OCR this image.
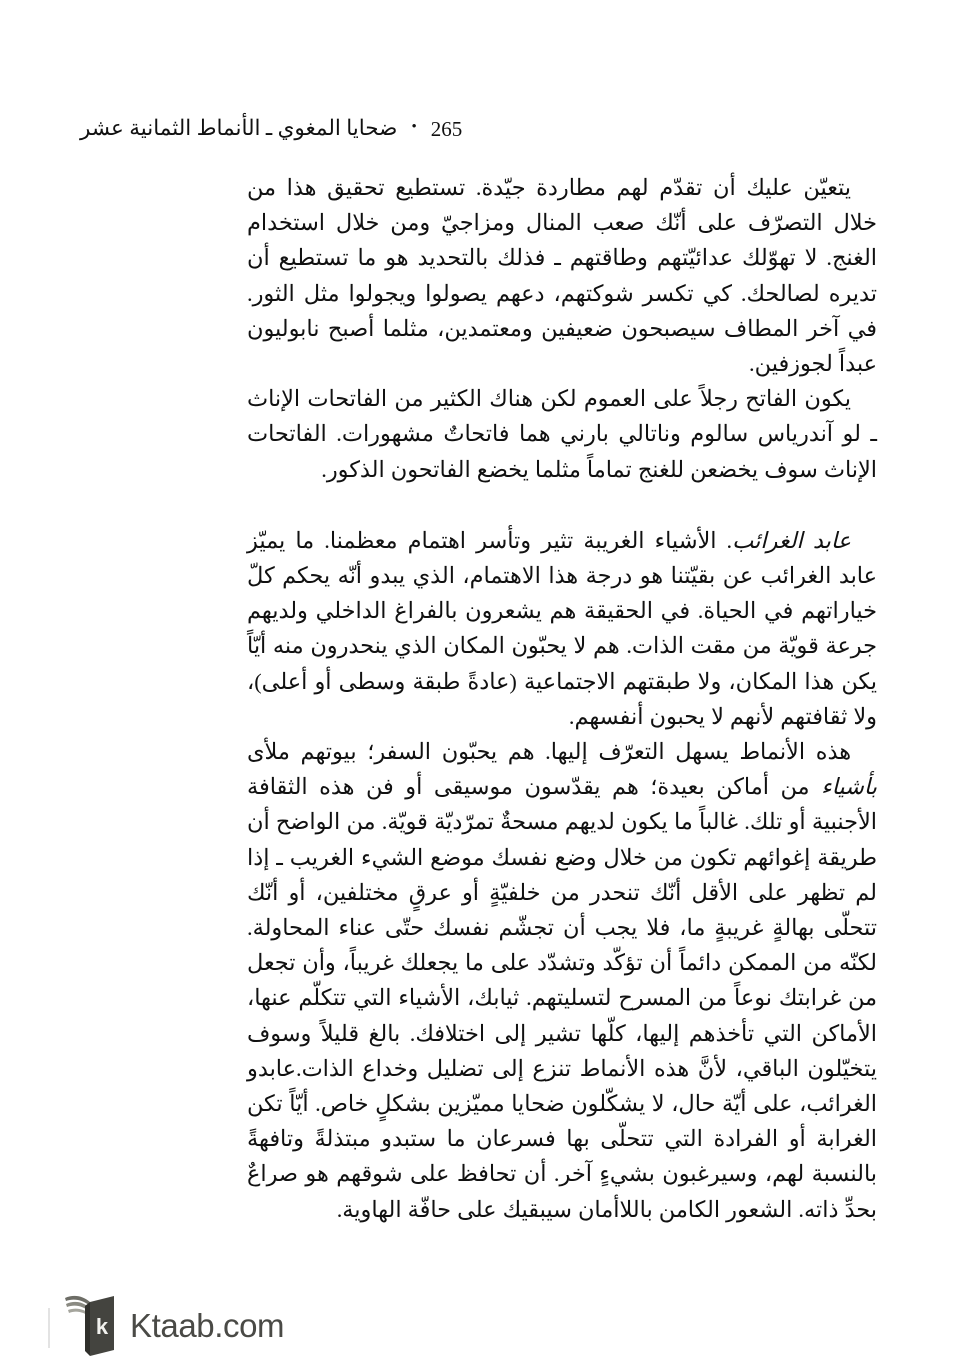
ضحايا المغوي ـ الأنماط الثمانية عشر • 265

يتعيّن عليك أن تقدّم لهم مطاردة جيّدة. تستطيع تحقيق هذا من خلال التصرّف على أنّك صعب المنال ومزاجيّ ومن خلال استخدام الغنج. لا تهوّلك عدائيّتهم وطاقتهم ـ فذلك بالتحديد هو ما تستطيع أن تديره لصالحك. كي تكسر شوكتهم، دعهم يصولوا ويجولوا مثل الثور. في آخر المطاف سيصبحون ضعيفين ومعتمدين، مثلما أصبح نابوليون عبداً لجوزفين.

يكون الفاتح رجلاً على العموم لكن هناك الكثير من الفاتحات الإناث ـ لو آندرياس سالوم وناتالي بارني هما فاتحاتٌ مشهورات. الفاتحات الإناث سوف يخضعن للغنج تماماً مثلما يخضع الفاتحون الذكور.

عابد الغرائب. الأشياء الغريبة تثير وتأسر اهتمام معظمنا. ما يميّز عابد الغرائب عن بقيّتنا هو درجة هذا الاهتمام، الذي يبدو أنّه يحكم كلّ خياراتهم في الحياة. في الحقيقة هم يشعرون بالفراغ الداخلي ولديهم جرعة قويّة من مقت الذات. هم لا يحبّون المكان الذي ينحدرون منه أيّاً يكن هذا المكان، ولا طبقتهم الاجتماعية (عادةً طبقة وسطى أو أعلى)، ولا ثقافتهم لأنهم لا يحبون أنفسهم.

هذه الأنماط يسهل التعرّف إليها. هم يحبّون السفر؛ بيوتهم ملأى بأشياء من أماكن بعيدة؛ هم يقدّسون موسيقى أو فن هذه الثقافة الأجنبية أو تلك. غالباً ما يكون لديهم مسحةٌ تمرّديّة قويّة. من الواضح أن طريقة إغوائهم تكون من خلال وضع نفسك موضع الشيء الغريب ـ إذا لم تظهر على الأقل أنّك تنحدر من خلفيّةٍ أو عرقٍ مختلفين، أو أنّك تتحلّى بهالةٍ غريبةٍ ما، فلا يجب أن تجشّم نفسك حتّى عناء المحاولة. لكنّه من الممكن دائماً أن تؤكّد وتشدّد على ما يجعلك غريباً، وأن تجعل من غرابتك نوعاً من المسرح لتسليتهم. ثيابك، الأشياء التي تتكلّم عنها، الأماكن التي تأخذهم إليها، كلّها تشير إلى اختلافك. بالغ قليلاً وسوف يتخيّلون الباقي، لأنَّ هذه الأنماط تنزع إلى تضليل وخداع الذات.عابدو الغرائب، على أيّة حال، لا يشكّلون ضحايا مميّزين بشكلٍ خاص. أيّاً تكن الغرابة أو الفرادة التي تتحلّى بها فسرعان ما ستبدو مبتذلةً وتافهةً بالنسبة لهم، وسيرغبون بشيءٍ آخر. أن تحافظ على شوقهم هو صراعٌ بحدِّ ذاته. الشعور الكامن باللاأمان سيبقيك على حافّة الهاوية.

k Ktaab.com
